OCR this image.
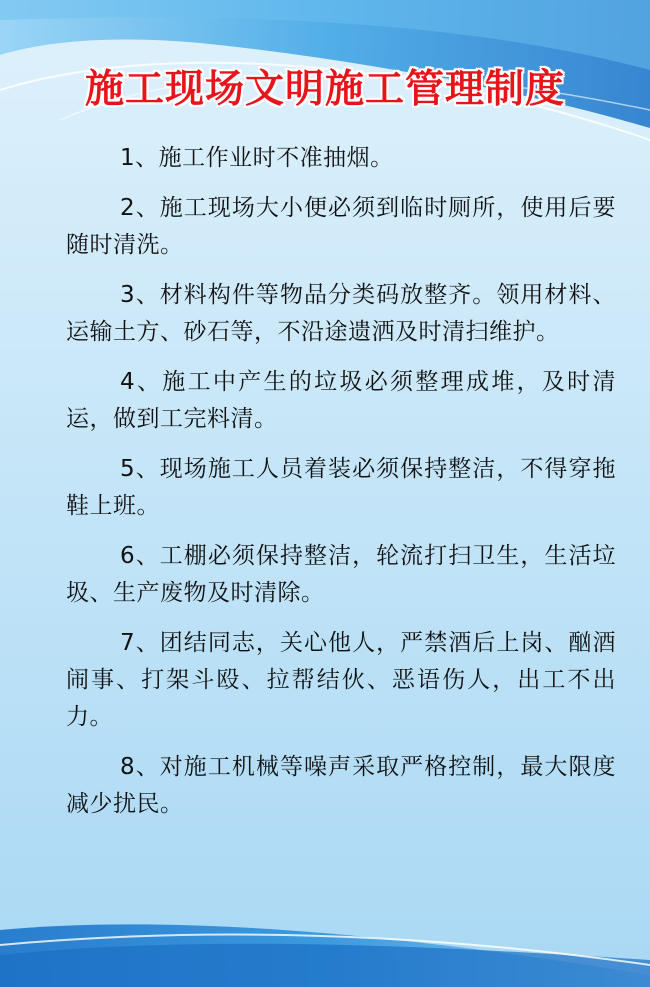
施工现场文明施工管理制度

1、施工作业时不准抽烟。

2、施工现场大小便必须到临时厕所，使用后要随时清洗。

3、材料构件等物品分类码放整齐。领用材料、运输土方、砂石等，不沿途遗洒及时清扫维护。

4、施工中产生的垃圾必须整理成堆，及时清运，做到工完料清。

5、现场施工人员着装必须保持整洁，不得穿拖鞋上班。

6、工棚必须保持整洁，轮流打扫卫生，生活垃圾、生产废物及时清除。

7、团结同志，关心他人，严禁酒后上岗、酗酒闹事、打架斗殴、拉帮结伙、恶语伤人，出工不出力。

8、对施工机械等噪声采取严格控制，最大限度减少扰民。
